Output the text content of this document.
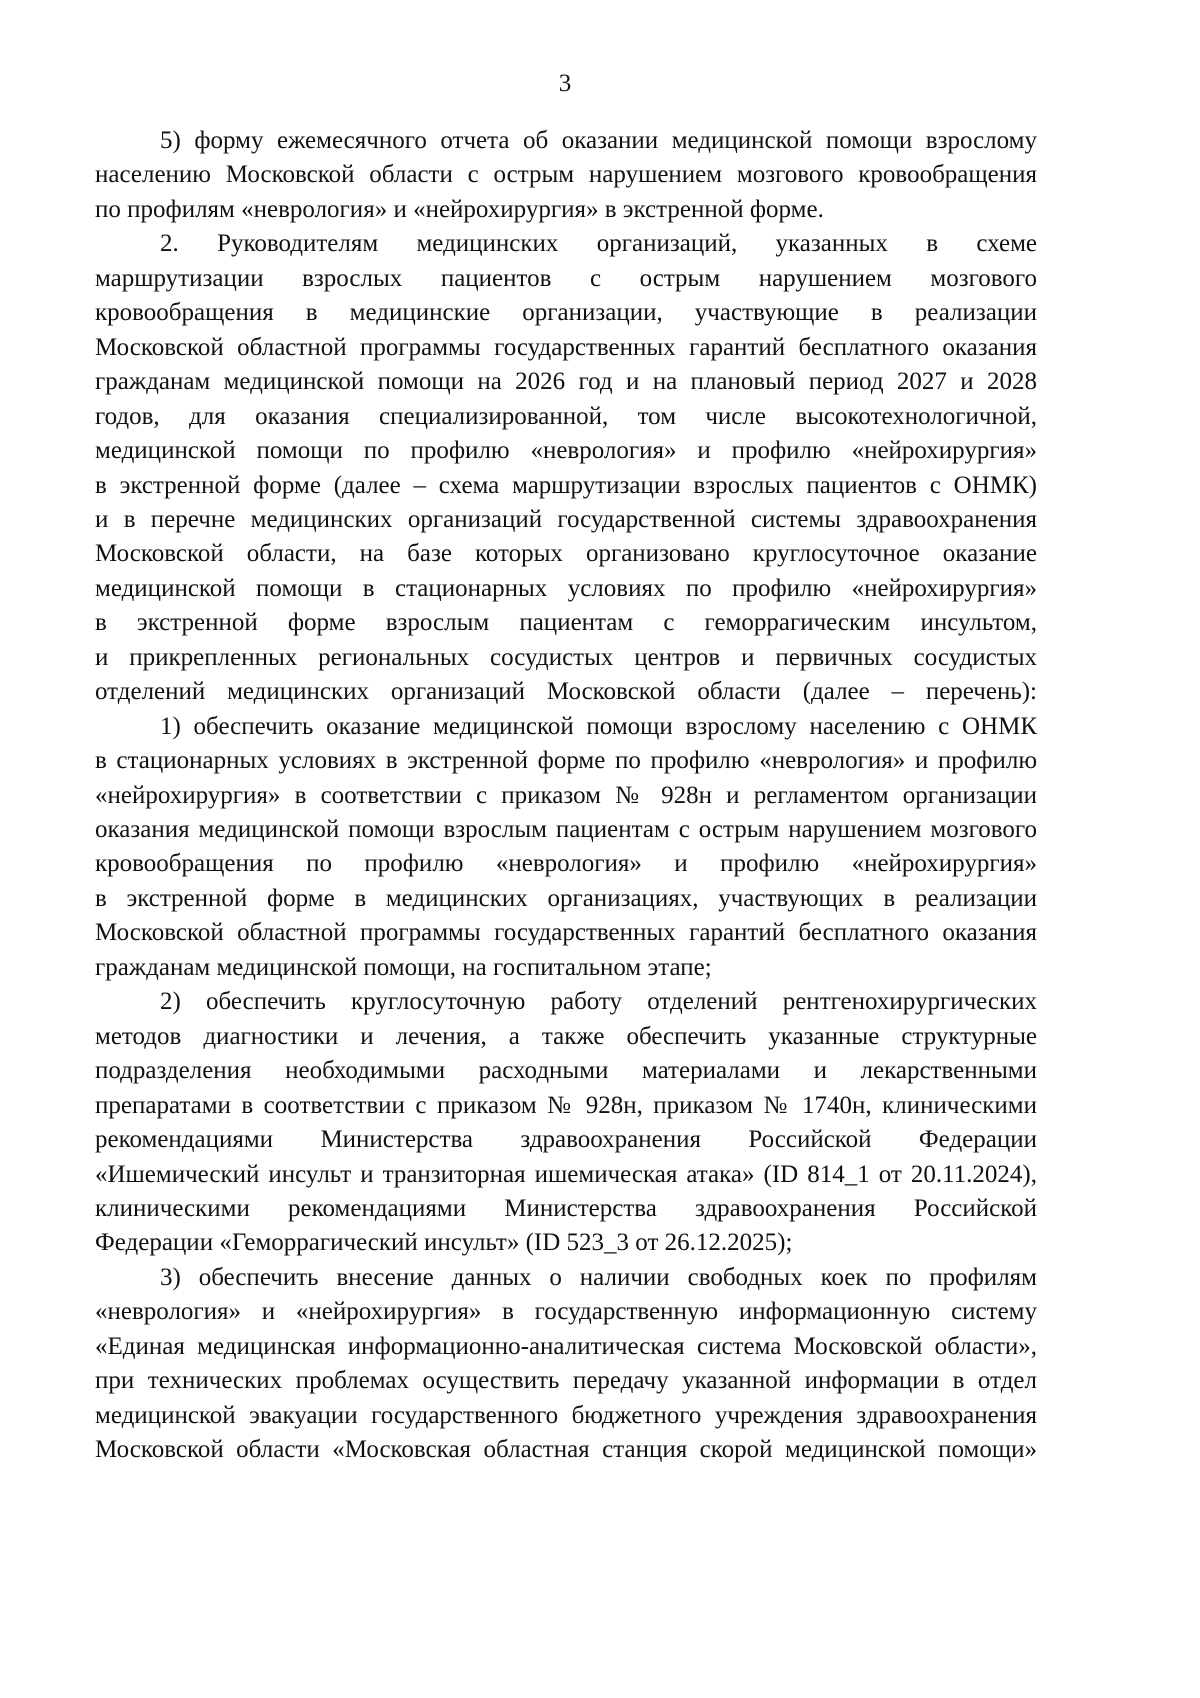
3
5) форму ежемесячного отчета об оказании медицинской помощи взрослому
населению Московской области с острым нарушением мозгового кровообращения
по профилям «неврология» и «нейрохирургия» в экстренной форме.
2. Руководителям медицинских организаций, указанных в схеме
маршрутизации взрослых пациентов с острым нарушением мозгового
кровообращения в медицинские организации, участвующие в реализации
Московской областной программы государственных гарантий бесплатного оказания
гражданам медицинской помощи на 2026 год и на плановый период 2027 и 2028
годов, для оказания специализированной, том числе высокотехнологичной,
медицинской помощи по профилю «неврология» и профилю «нейрохирургия»
в экстренной форме (далее – схема маршрутизации взрослых пациентов с ОНМК)
и в перечне медицинских организаций государственной системы здравоохранения
Московской области, на базе которых организовано круглосуточное оказание
медицинской помощи в стационарных условиях по профилю «нейрохирургия»
в экстренной форме взрослым пациентам с геморрагическим инсультом,
и прикрепленных региональных сосудистых центров и первичных сосудистых
отделений медицинских организаций Московской области (далее – перечень):
1) обеспечить оказание медицинской помощи взрослому населению с ОНМК
в стационарных условиях в экстренной форме по профилю «неврология» и профилю
«нейрохирургия» в соответствии с приказом № 928н и регламентом организации
оказания медицинской помощи взрослым пациентам с острым нарушением мозгового
кровообращения по профилю «неврология» и профилю «нейрохирургия»
в экстренной форме в медицинских организациях, участвующих в реализации
Московской областной программы государственных гарантий бесплатного оказания
гражданам медицинской помощи, на госпитальном этапе;
2) обеспечить круглосуточную работу отделений рентгенохирургических
методов диагностики и лечения, а также обеспечить указанные структурные
подразделения необходимыми расходными материалами и лекарственными
препаратами в соответствии с приказом № 928н, приказом № 1740н, клиническими
рекомендациями Министерства здравоохранения Российской Федерации
«Ишемический инсульт и транзиторная ишемическая атака» (ID 814_1 от 20.11.2024),
клиническими рекомендациями Министерства здравоохранения Российской
Федерации «Геморрагический инсульт» (ID 523_3 от 26.12.2025);
3) обеспечить внесение данных о наличии свободных коек по профилям
«неврология» и «нейрохирургия» в государственную информационную систему
«Единая медицинская информационно-аналитическая система Московской области»,
при технических проблемах осуществить передачу указанной информации в отдел
медицинской эвакуации государственного бюджетного учреждения здравоохранения
Московской области «Московская областная станция скорой медицинской помощи»
